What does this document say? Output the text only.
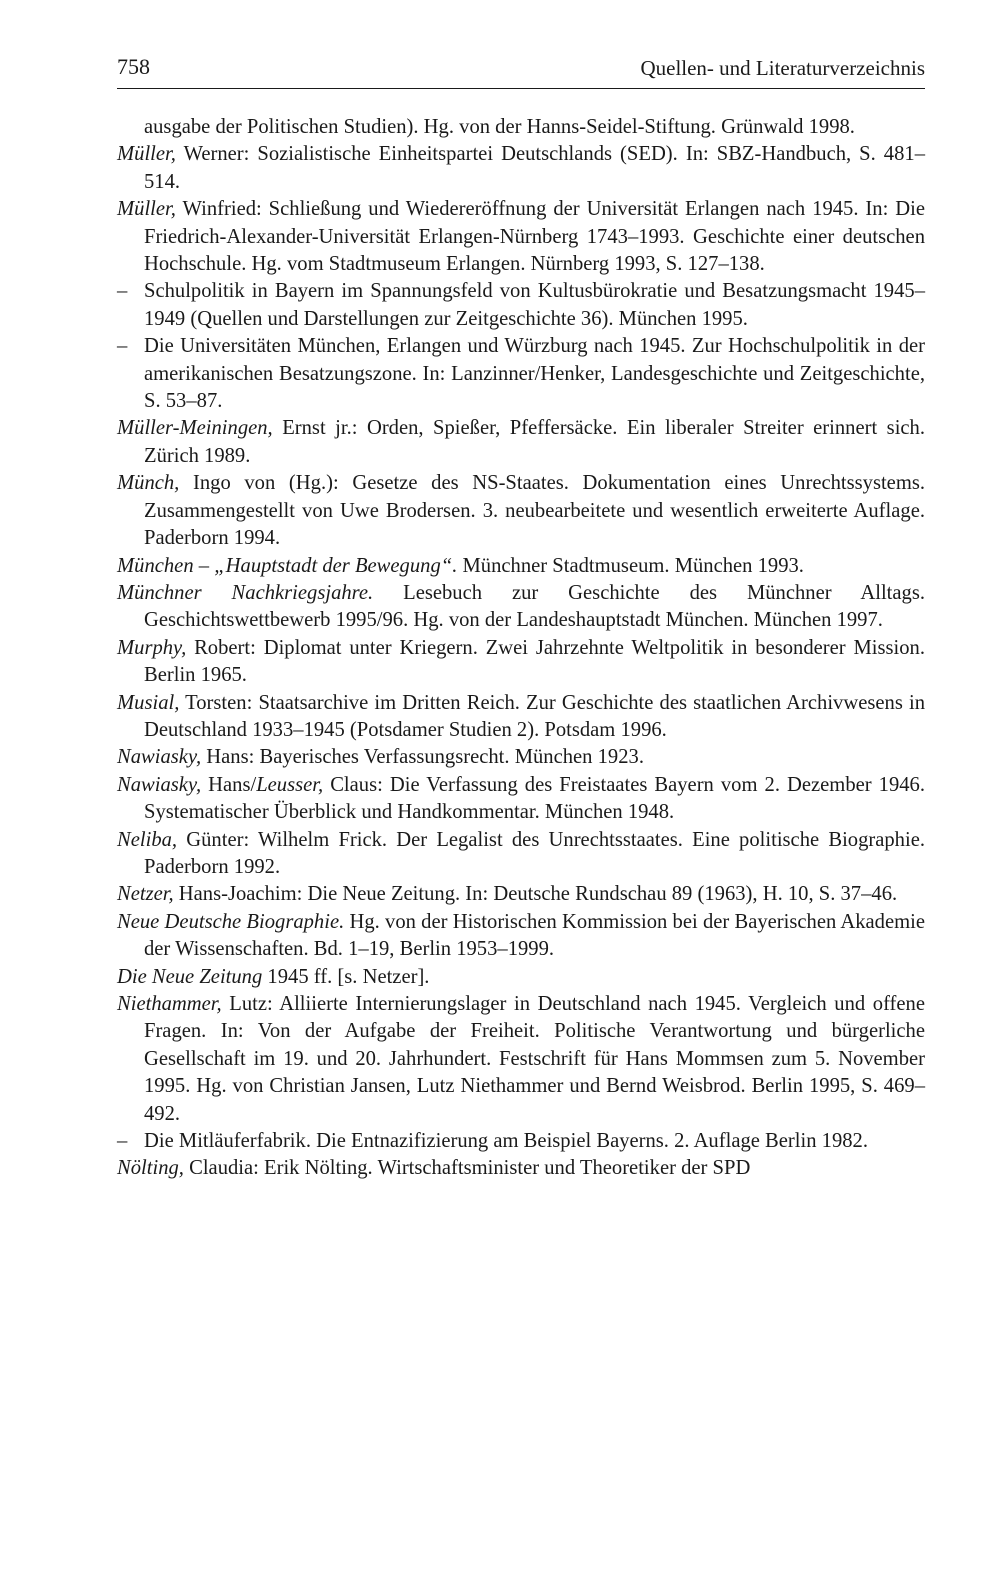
758	Quellen- und Literaturverzeichnis

ausgabe der Politischen Studien). Hg. von der Hanns-Seidel-Stiftung. Grünwald 1998.

Müller, Werner: Sozialistische Einheitspartei Deutschlands (SED). In: SBZ-Handbuch, S. 481–514.

Müller, Winfried: Schließung und Wiedereröffnung der Universität Erlangen nach 1945. In: Die Friedrich-Alexander-Universität Erlangen-Nürnberg 1743–1993. Geschichte einer deutschen Hochschule. Hg. vom Stadtmuseum Erlangen. Nürnberg 1993, S. 127–138.

– Schulpolitik in Bayern im Spannungsfeld von Kultusbürokratie und Besatzungsmacht 1945–1949 (Quellen und Darstellungen zur Zeitgeschichte 36). München 1995.

– Die Universitäten München, Erlangen und Würzburg nach 1945. Zur Hochschulpolitik in der amerikanischen Besatzungszone. In: Lanzinner/Henker, Landesgeschichte und Zeitgeschichte, S. 53–87.

Müller-Meiningen, Ernst jr.: Orden, Spießer, Pfeffersäcke. Ein liberaler Streiter erinnert sich. Zürich 1989.

Münch, Ingo von (Hg.): Gesetze des NS-Staates. Dokumentation eines Unrechtssystems. Zusammengestellt von Uwe Brodersen. 3. neubearbeitete und wesentlich erweiterte Auflage. Paderborn 1994.

München – „Hauptstadt der Bewegung“. Münchner Stadtmuseum. München 1993.

Münchner Nachkriegsjahre. Lesebuch zur Geschichte des Münchner Alltags. Geschichtswettbewerb 1995/96. Hg. von der Landeshauptstadt München. München 1997.

Murphy, Robert: Diplomat unter Kriegern. Zwei Jahrzehnte Weltpolitik in besonderer Mission. Berlin 1965.

Musial, Torsten: Staatsarchive im Dritten Reich. Zur Geschichte des staatlichen Archivwesens in Deutschland 1933–1945 (Potsdamer Studien 2). Potsdam 1996.

Nawiasky, Hans: Bayerisches Verfassungsrecht. München 1923.

Nawiasky, Hans/Leusser, Claus: Die Verfassung des Freistaates Bayern vom 2. Dezember 1946. Systematischer Überblick und Handkommentar. München 1948.

Neliba, Günter: Wilhelm Frick. Der Legalist des Unrechtsstaates. Eine politische Biographie. Paderborn 1992.

Netzer, Hans-Joachim: Die Neue Zeitung. In: Deutsche Rundschau 89 (1963), H. 10, S. 37–46.

Neue Deutsche Biographie. Hg. von der Historischen Kommission bei der Bayerischen Akademie der Wissenschaften. Bd. 1–19, Berlin 1953–1999.

Die Neue Zeitung 1945 ff. [s. Netzer].

Niethammer, Lutz: Alliierte Internierungslager in Deutschland nach 1945. Vergleich und offene Fragen. In: Von der Aufgabe der Freiheit. Politische Verantwortung und bürgerliche Gesellschaft im 19. und 20. Jahrhundert. Festschrift für Hans Mommsen zum 5. November 1995. Hg. von Christian Jansen, Lutz Niethammer und Bernd Weisbrod. Berlin 1995, S. 469–492.

– Die Mitläuferfabrik. Die Entnazifizierung am Beispiel Bayerns. 2. Auflage Berlin 1982.

Nölting, Claudia: Erik Nölting. Wirtschaftsminister und Theoretiker der SPD
